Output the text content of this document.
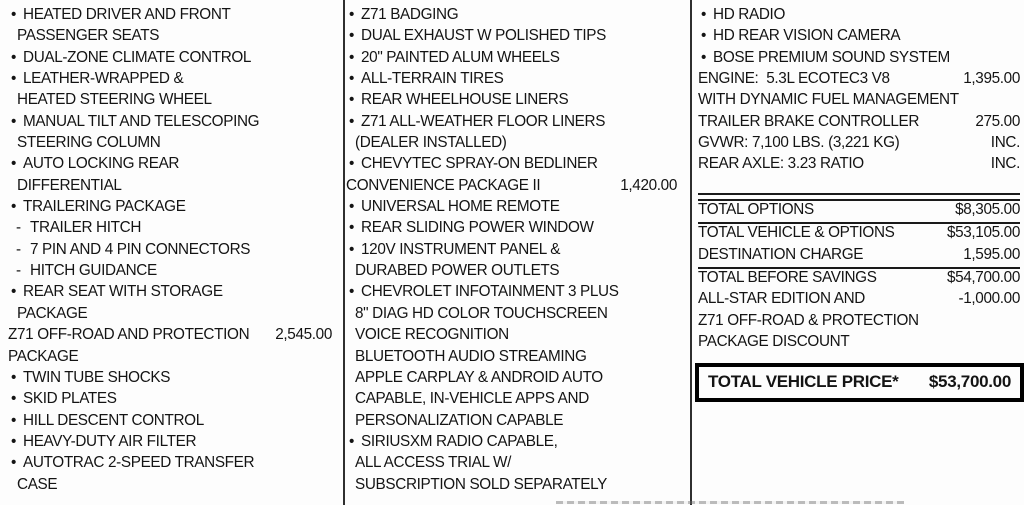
• HEATED DRIVER AND FRONT
PASSENGER SEATS
• DUAL-ZONE CLIMATE CONTROL
• LEATHER-WRAPPED &
HEATED STEERING WHEEL
• MANUAL TILT AND TELESCOPING
STEERING COLUMN
• AUTO LOCKING REAR
DIFFERENTIAL
• TRAILERING PACKAGE
- TRAILER HITCH
- 7 PIN AND 4 PIN CONNECTORS
- HITCH GUIDANCE
• REAR SEAT WITH STORAGE
PACKAGE
Z71 OFF-ROAD AND PROTECTION 2,545.00
PACKAGE
• TWIN TUBE SHOCKS
• SKID PLATES
• HILL DESCENT CONTROL
• HEAVY-DUTY AIR FILTER
• AUTOTRAC 2-SPEED TRANSFER
CASE
• Z71 BADGING
• DUAL EXHAUST W POLISHED TIPS
• 20" PAINTED ALUM WHEELS
• ALL-TERRAIN TIRES
• REAR WHEELHOUSE LINERS
• Z71 ALL-WEATHER FLOOR LINERS
(DEALER INSTALLED)
• CHEVYTEC SPRAY-ON BEDLINER
CONVENIENCE PACKAGE II	1,420.00
• UNIVERSAL HOME REMOTE
• REAR SLIDING POWER WINDOW
• 120V INSTRUMENT PANEL &
DURABED POWER OUTLETS
• CHEVROLET INFOTAINMENT 3 PLUS
8" DIAG HD COLOR TOUCHSCREEN
VOICE RECOGNITION
BLUETOOTH AUDIO STREAMING
APPLE CARPLAY & ANDROID AUTO
CAPABLE, IN-VEHICLE APPS AND
PERSONALIZATION CAPABLE
• SIRIUSXM RADIO CAPABLE,
ALL ACCESS TRIAL W/
SUBSCRIPTION SOLD SEPARATELY
• HD RADIO
• HD REAR VISION CAMERA
• BOSE PREMIUM SOUND SYSTEM
ENGINE:  5.3L ECOTEC3 V8	1,395.00
WITH DYNAMIC FUEL MANAGEMENT
TRAILER BRAKE CONTROLLER	275.00
GVWR: 7,100 LBS. (3,221 KG)	INC.
REAR AXLE: 3.23 RATIO	INC.
TOTAL OPTIONS	$8,305.00
TOTAL VEHICLE & OPTIONS	$53,105.00
DESTINATION CHARGE	1,595.00
TOTAL BEFORE SAVINGS	$54,700.00
ALL-STAR EDITION AND	-1,000.00
Z71 OFF-ROAD & PROTECTION
PACKAGE DISCOUNT
TOTAL VEHICLE PRICE* $53,700.00
